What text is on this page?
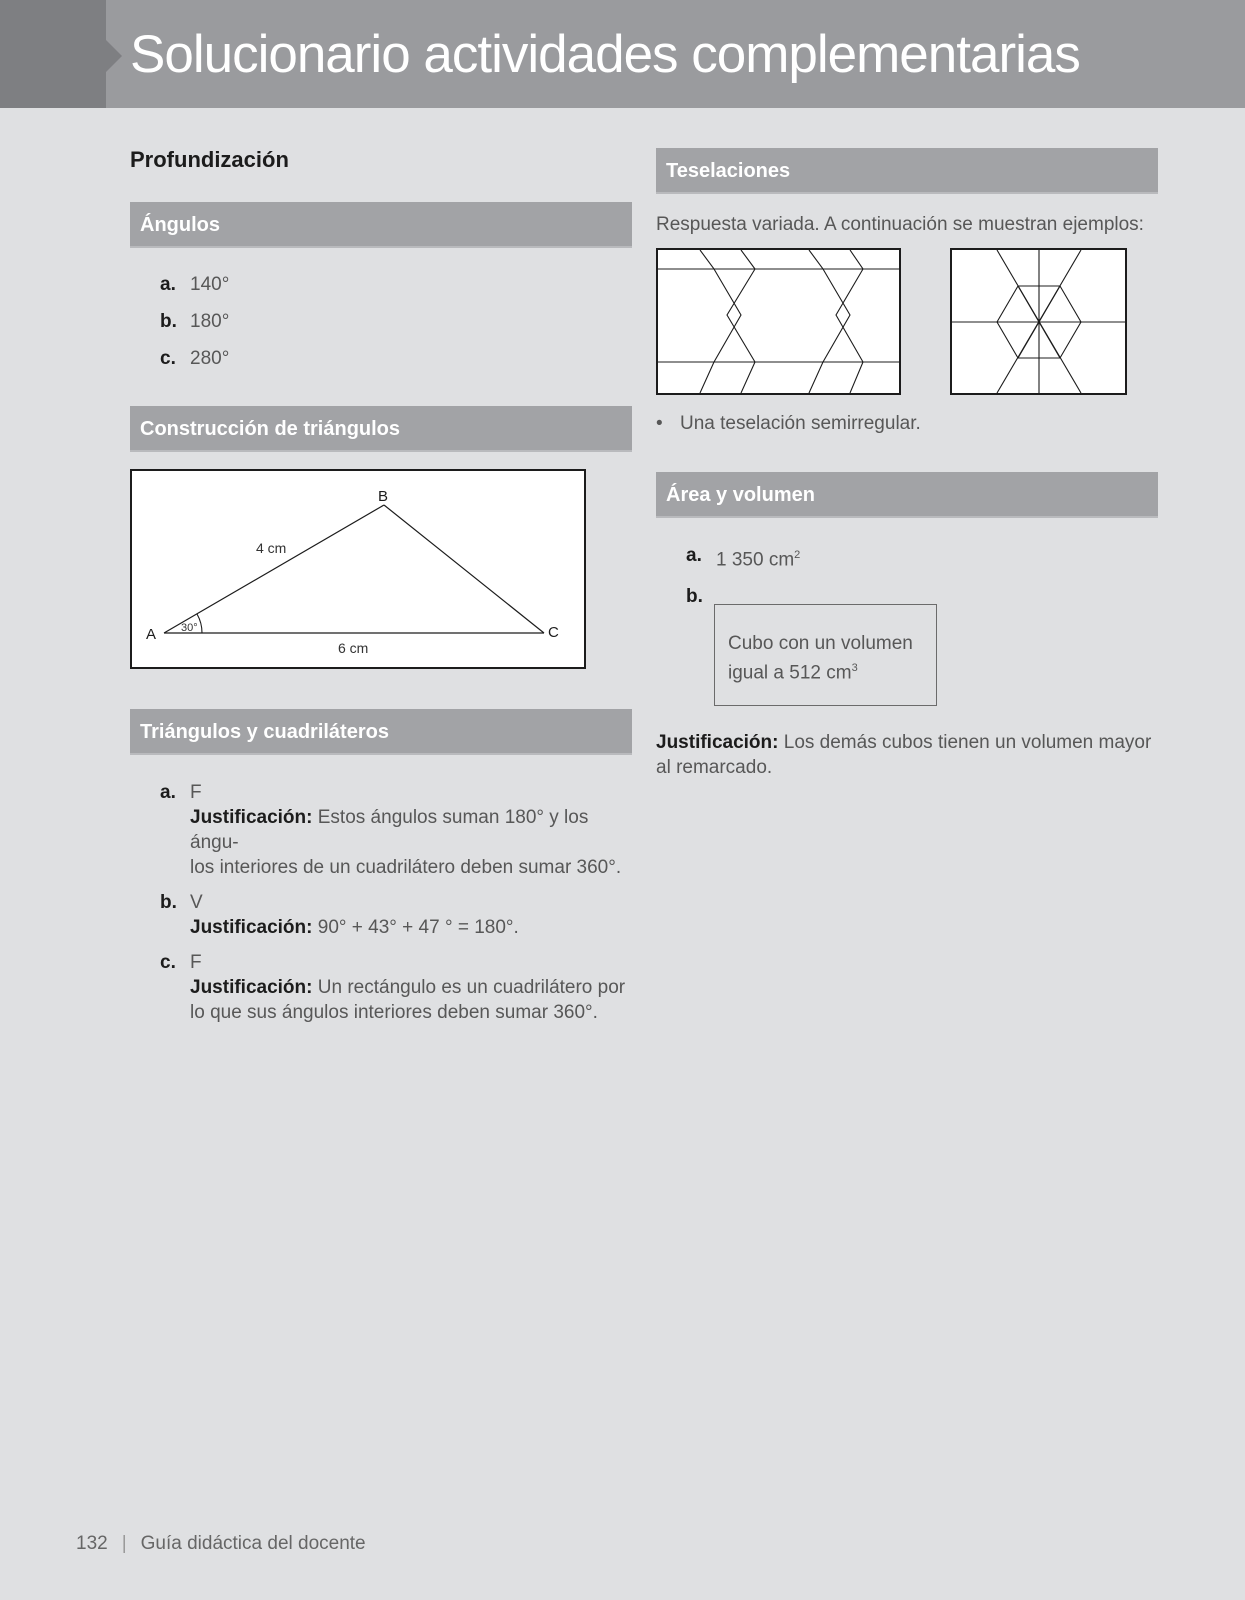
Solucionario actividades complementarias
Profundización
Ángulos
a. 140°
b. 180°
c. 280°
Construcción de triángulos
A
B
C
4 cm
6 cm
30°
Triángulos y cuadriláteros
a. F
Justificación: Estos ángulos suman 180° y los ángu-
los interiores de un cuadrilátero deben sumar 360°.
b. V
Justificación: 90° + 43° + 47 ° = 180°.
c. F
Justificación: Un rectángulo es un cuadrilátero por
lo que sus ángulos interiores deben sumar 360°.
Teselaciones
Respuesta variada. A continuación se muestran ejemplos:
• Una teselación semirregular.
Área y volumen
a. 1 350 $cm^2$
b.
Cubo con un volumen
igual a 512 $cm^3$
Justificación: Los demás cubos tienen un volumen mayor
al remarcado.
132 | Guía didáctica del docente
